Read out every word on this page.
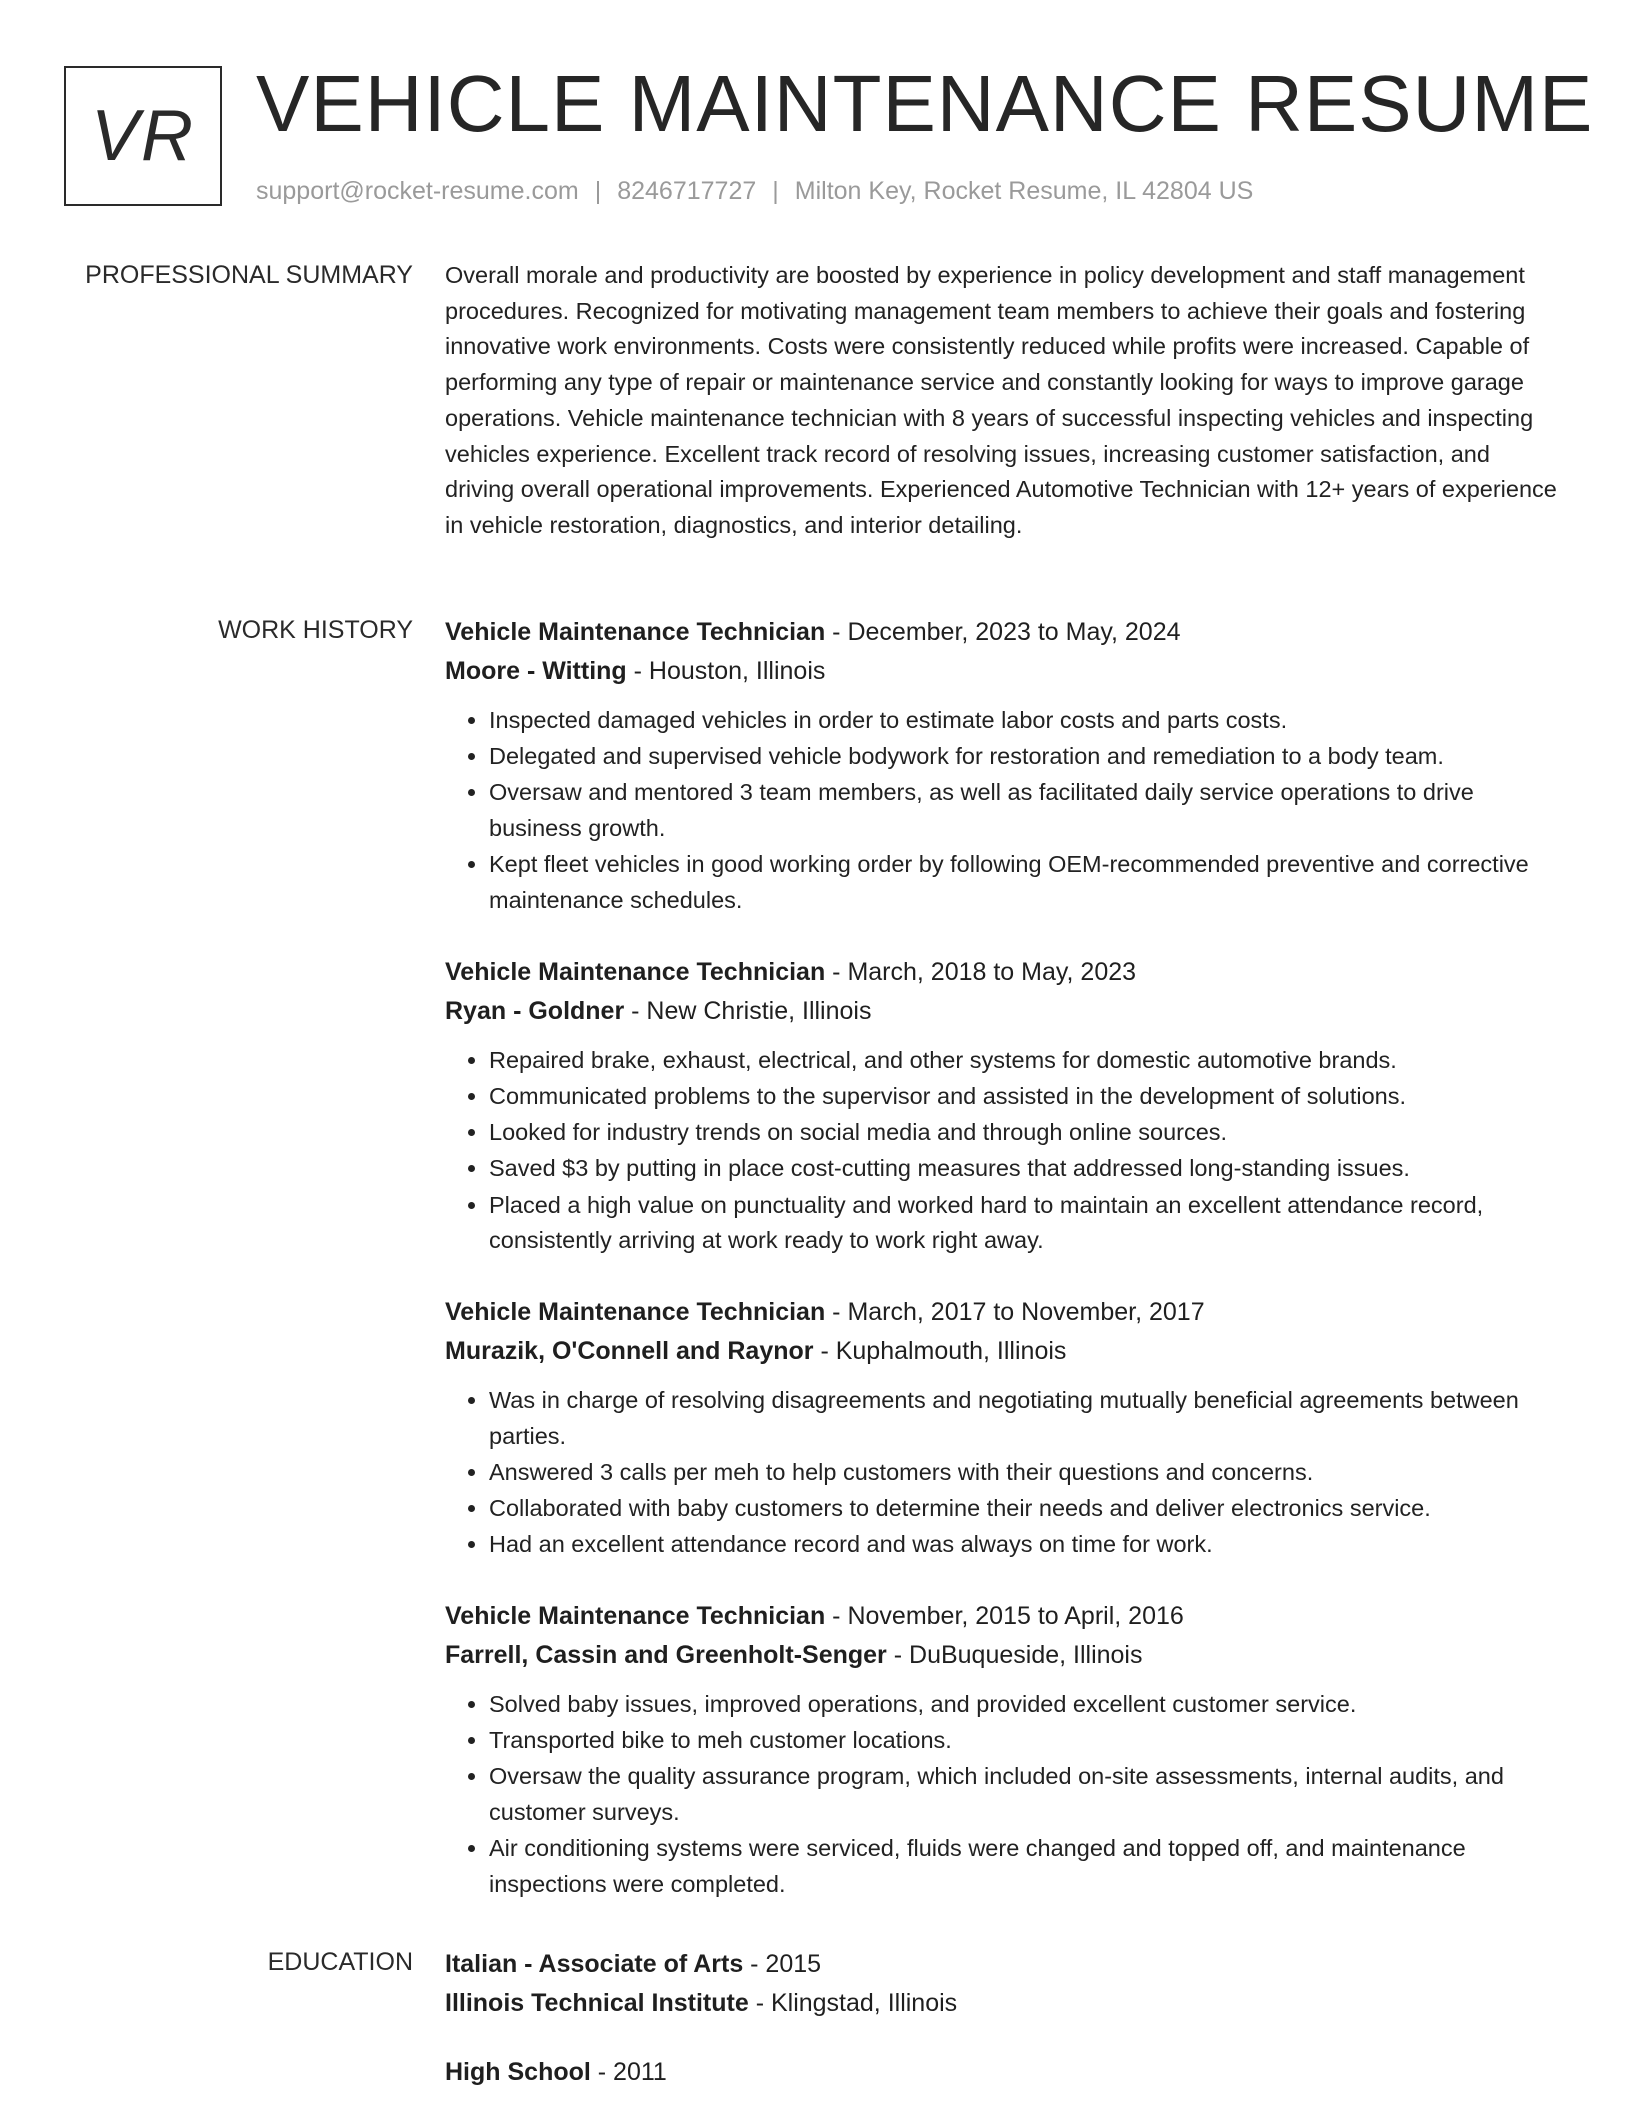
VR VEHICLE MAINTENANCE RESUME
support@rocket-resume.com | 8246717727 | Milton Key, Rocket Resume, IL 42804 US
PROFESSIONAL SUMMARY Overall morale and productivity are boosted by experience in policy development and staff management procedures. Recognized for motivating management team members to achieve their goals and fostering innovative work environments. Costs were consistently reduced while profits were increased. Capable of performing any type of repair or maintenance service and constantly looking for ways to improve garage operations. Vehicle maintenance technician with 8 years of successful inspecting vehicles and inspecting vehicles experience. Excellent track record of resolving issues, increasing customer satisfaction, and driving overall operational improvements. Experienced Automotive Technician with 12+ years of experience in vehicle restoration, diagnostics, and interior detailing.

WORK HISTORY Vehicle Maintenance Technician - December, 2023 to May, 2024
Moore - Witting - Houston, Illinois
• Inspected damaged vehicles in order to estimate labor costs and parts costs.
• Delegated and supervised vehicle bodywork for restoration and remediation to a body team.
• Oversaw and mentored 3 team members, as well as facilitated daily service operations to drive business growth.
• Kept fleet vehicles in good working order by following OEM-recommended preventive and corrective maintenance schedules.
Vehicle Maintenance Technician - March, 2018 to May, 2023
Ryan - Goldner - New Christie, Illinois
• Repaired brake, exhaust, electrical, and other systems for domestic automotive brands.
• Communicated problems to the supervisor and assisted in the development of solutions.
• Looked for industry trends on social media and through online sources.
• Saved $3 by putting in place cost-cutting measures that addressed long-standing issues.
• Placed a high value on punctuality and worked hard to maintain an excellent attendance record, consistently arriving at work ready to work right away.
Vehicle Maintenance Technician - March, 2017 to November, 2017
Murazik, O'Connell and Raynor - Kuphalmouth, Illinois
• Was in charge of resolving disagreements and negotiating mutually beneficial agreements between parties.
• Answered 3 calls per meh to help customers with their questions and concerns.
• Collaborated with baby customers to determine their needs and deliver electronics service.
• Had an excellent attendance record and was always on time for work.
Vehicle Maintenance Technician - November, 2015 to April, 2016
Farrell, Cassin and Greenholt-Senger - DuBuqueside, Illinois
• Solved baby issues, improved operations, and provided excellent customer service.
• Transported bike to meh customer locations.
• Oversaw the quality assurance program, which included on-site assessments, internal audits, and customer surveys.
• Air conditioning systems were serviced, fluids were changed and topped off, and maintenance inspections were completed.
EDUCATION Italian - Associate of Arts - 2015
Illinois Technical Institute - Klingstad, Illinois
High School - 2011
